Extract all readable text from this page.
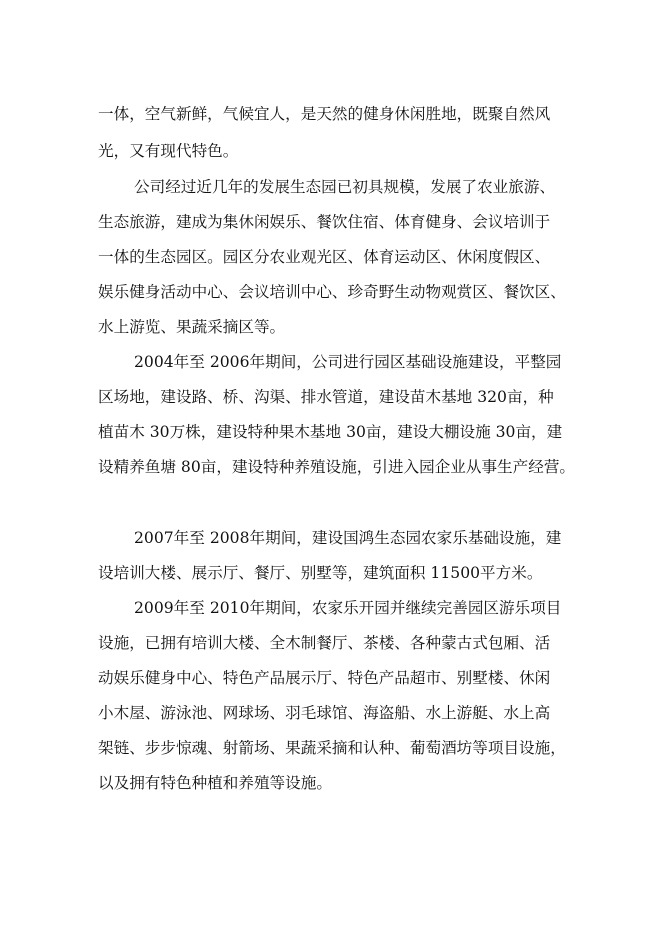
一体，空气新鲜，气候宜人，是天然的健身休闲胜地，既聚自然风
光，又有现代特色。
公司经过近几年的发展生态园已初具规模，发展了农业旅游、
生态旅游，建成为集休闲娱乐、餐饮住宿、体育健身、会议培训于
一体的生态园区。园区分农业观光区、体育运动区、休闲度假区、
娱乐健身活动中心、会议培训中心、珍奇野生动物观赏区、餐饮区、
水上游览、果蔬采摘区等。
2004年至 2006年期间，公司进行园区基础设施建设，平整园
区场地，建设路、桥、沟渠、排水管道，建设苗木基地 320亩，种
植苗木 30万株，建设特种果木基地 30亩，建设大棚设施 30亩，建
设精养鱼塘 80亩，建设特种养殖设施，引进入园企业从事生产经营。
2007年至 2008年期间，建设国鸿生态园农家乐基础设施，建
设培训大楼、展示厅、餐厅、别墅等，建筑面积 11500平方米。
2009年至 2010年期间，农家乐开园并继续完善园区游乐项目
设施，已拥有培训大楼、全木制餐厅、茶楼、各种蒙古式包厢、活
动娱乐健身中心、特色产品展示厅、特色产品超市、别墅楼、休闲
小木屋、游泳池、网球场、羽毛球馆、海盗船、水上游艇、水上高
架链、步步惊魂、射箭场、果蔬采摘和认种、葡萄酒坊等项目设施，
以及拥有特色种植和养殖等设施。
